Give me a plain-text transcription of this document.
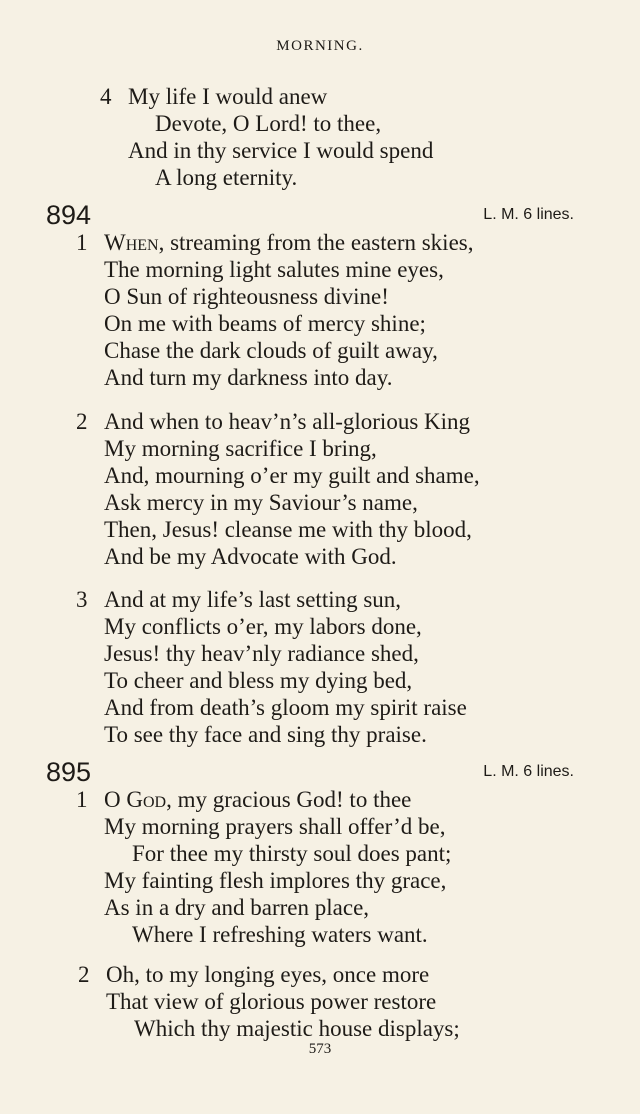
MORNING.
4 My life I would anew
Devote, O Lord! to thee,
And in thy service I would spend
A long eternity.
894	L. M. 6 lines.
1 When, streaming from the eastern skies,
The morning light salutes mine eyes,
O Sun of righteousness divine!
On me with beams of mercy shine;
Chase the dark clouds of guilt away,
And turn my darkness into day.
2 And when to heav’n’s all-glorious King
My morning sacrifice I bring,
And, mourning o’er my guilt and shame,
Ask mercy in my Saviour’s name,
Then, Jesus! cleanse me with thy blood,
And be my Advocate with God.
3 And at my life’s last setting sun,
My conflicts o’er, my labors done,
Jesus! thy heav’nly radiance shed,
To cheer and bless my dying bed,
And from death’s gloom my spirit raise
To see thy face and sing thy praise.
895	L. M. 6 lines.
1 O God, my gracious God! to thee
My morning prayers shall offer’d be,
For thee my thirsty soul does pant;
My fainting flesh implores thy grace,
As in a dry and barren place,
Where I refreshing waters want.
2 Oh, to my longing eyes, once more
That view of glorious power restore
Which thy majestic house displays;
573
